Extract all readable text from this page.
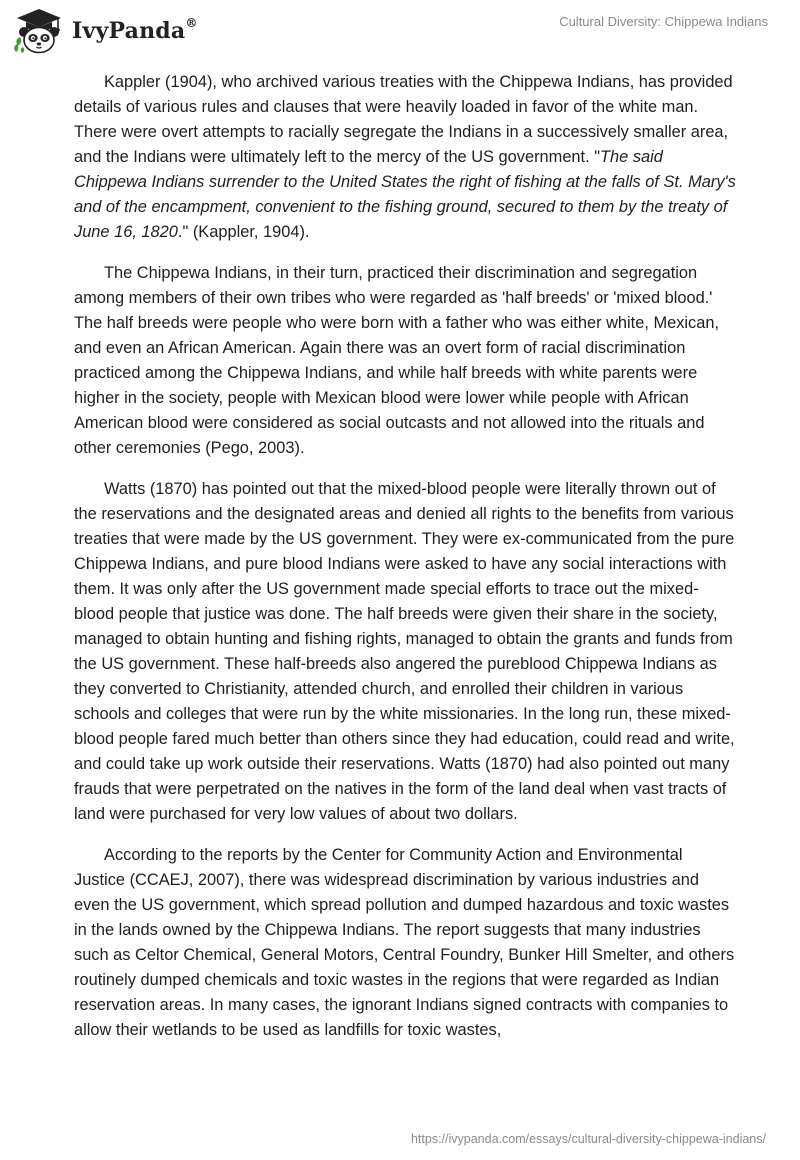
IvyPanda®	Cultural Diversity: Chippewa Indians

Kappler (1904), who archived various treaties with the Chippewa Indians, has provided details of various rules and clauses that were heavily loaded in favor of the white man. There were overt attempts to racially segregate the Indians in a successively smaller area, and the Indians were ultimately left to the mercy of the US government. "The said Chippewa Indians surrender to the United States the right of fishing at the falls of St. Mary's and of the encampment, convenient to the fishing ground, secured to them by the treaty of June 16, 1820." (Kappler, 1904).

The Chippewa Indians, in their turn, practiced their discrimination and segregation among members of their own tribes who were regarded as 'half breeds' or 'mixed blood.' The half breeds were people who were born with a father who was either white, Mexican, and even an African American. Again there was an overt form of racial discrimination practiced among the Chippewa Indians, and while half breeds with white parents were higher in the society, people with Mexican blood were lower while people with African American blood were considered as social outcasts and not allowed into the rituals and other ceremonies (Pego, 2003).

Watts (1870) has pointed out that the mixed-blood people were literally thrown out of the reservations and the designated areas and denied all rights to the benefits from various treaties that were made by the US government. They were ex-communicated from the pure Chippewa Indians, and pure blood Indians were asked to have any social interactions with them. It was only after the US government made special efforts to trace out the mixed-blood people that justice was done. The half breeds were given their share in the society, managed to obtain hunting and fishing rights, managed to obtain the grants and funds from the US government. These half-breeds also angered the pureblood Chippewa Indians as they converted to Christianity, attended church, and enrolled their children in various schools and colleges that were run by the white missionaries. In the long run, these mixed-blood people fared much better than others since they had education, could read and write, and could take up work outside their reservations. Watts (1870) had also pointed out many frauds that were perpetrated on the natives in the form of the land deal when vast tracts of land were purchased for very low values of about two dollars.

According to the reports by the Center for Community Action and Environmental Justice (CCAEJ, 2007), there was widespread discrimination by various industries and even the US government, which spread pollution and dumped hazardous and toxic wastes in the lands owned by the Chippewa Indians. The report suggests that many industries such as Celtor Chemical, General Motors, Central Foundry, Bunker Hill Smelter, and others routinely dumped chemicals and toxic wastes in the regions that were regarded as Indian reservation areas. In many cases, the ignorant Indians signed contracts with companies to allow their wetlands to be used as landfills for toxic wastes,

https://ivypanda.com/essays/cultural-diversity-chippewa-indians/
